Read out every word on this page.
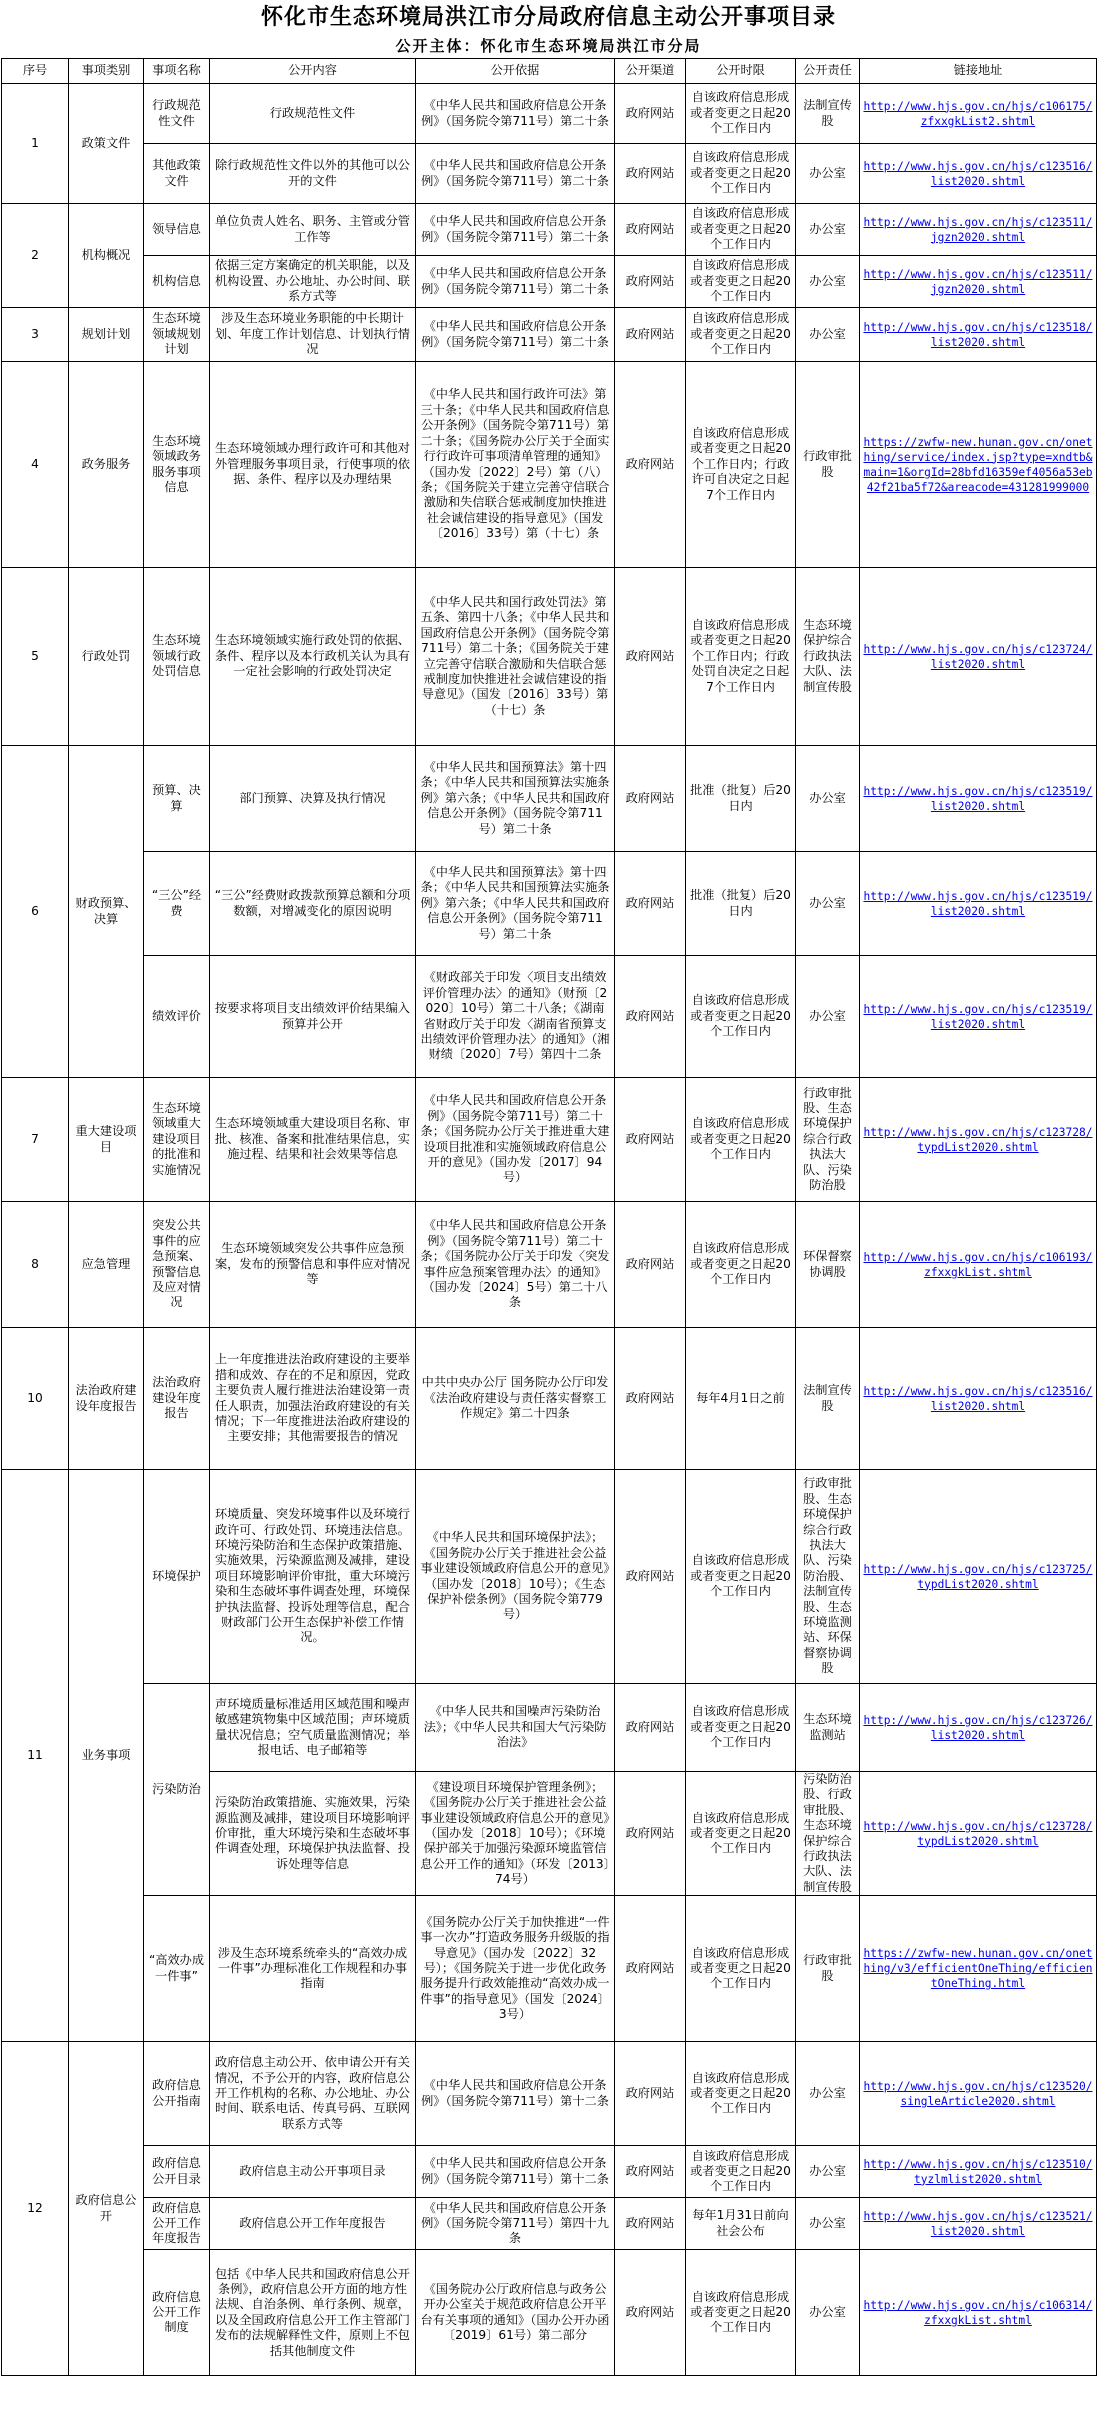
怀化市生态环境局洪江市分局政府信息主动公开事项目录
公开主体：怀化市生态环境局洪江市分局
序号	事项类别	事项名称	公开内容	公开依据	公开渠道	公开时限	公开责任	链接地址
1	政策文件	行政规范性文件	行政规范性文件	《中华人民共和国政府信息公开条例》（国务院令第711号）第二十条	政府网站	自该政府信息形成或者变更之日起20个工作日内	法制宣传股	http://www.hjs.gov.cn/hjs/c106175/zfxxgkList2.shtml
		其他政策文件	除行政规范性文件以外的其他可以公开的文件	《中华人民共和国政府信息公开条例》（国务院令第711号）第二十条	政府网站	自该政府信息形成或者变更之日起20个工作日内	办公室	http://www.hjs.gov.cn/hjs/c123516/list2020.shtml
2	机构概况	领导信息	单位负责人姓名、职务、主管或分管工作等	《中华人民共和国政府信息公开条例》（国务院令第711号）第二十条	政府网站	自该政府信息形成或者变更之日起20个工作日内	办公室	http://www.hjs.gov.cn/hjs/c123511/jgzn2020.shtml
		机构信息	依据三定方案确定的机关职能，以及机构设置、办公地址、办公时间、联系方式等	《中华人民共和国政府信息公开条例》（国务院令第711号）第二十条	政府网站	自该政府信息形成或者变更之日起20个工作日内	办公室	http://www.hjs.gov.cn/hjs/c123511/jgzn2020.shtml
3	规划计划	生态环境领域规划计划	涉及生态环境业务职能的中长期计划、年度工作计划信息、计划执行情况	《中华人民共和国政府信息公开条例》（国务院令第711号）第二十条	政府网站	自该政府信息形成或者变更之日起20个工作日内	办公室	http://www.hjs.gov.cn/hjs/c123518/list2020.shtml
4	政务服务	生态环境领域政务服务事项信息	生态环境领域办理行政许可和其他对外管理服务事项目录，行使事项的依据、条件、程序以及办理结果	《中华人民共和国行政许可法》第三十条；《中华人民共和国政府信息公开条例》（国务院令第711号）第二十条；《国务院办公厅关于全面实行行政许可事项清单管理的通知》（国办发〔2022〕2号）第（八）条；《国务院关于建立完善守信联合激励和失信联合惩戒制度加快推进社会诚信建设的指导意见》（国发〔2016〕33号）第（十七）条	政府网站	自该政府信息形成或者变更之日起20个工作日内；行政许可自决定之日起7个工作日内	行政审批股	https://zwfw-new.hunan.gov.cn/onething/service/index.jsp?type=xndtb&main=1&orgId=28bfd16359ef4056a53eb42f21ba5f72&areacode=431281999000
5	行政处罚	生态环境领域行政处罚信息	生态环境领域实施行政处罚的依据、条件、程序以及本行政机关认为具有一定社会影响的行政处罚决定	《中华人民共和国行政处罚法》第五条、第四十八条；《中华人民共和国政府信息公开条例》（国务院令第711号）第二十条；《国务院关于建立完善守信联合激励和失信联合惩戒制度加快推进社会诚信建设的指导意见》（国发〔2016〕33号）第（十七）条	政府网站	自该政府信息形成或者变更之日起20个工作日内；行政处罚自决定之日起7个工作日内	生态环境保护综合行政执法大队、法制宣传股	http://www.hjs.gov.cn/hjs/c123724/list2020.shtml
6	财政预算、决算	预算、决算	部门预算、决算及执行情况	《中华人民共和国预算法》第十四条；《中华人民共和国预算法实施条例》第六条；《中华人民共和国政府信息公开条例》（国务院令第711号）第二十条	政府网站	批准（批复）后20日内	办公室	http://www.hjs.gov.cn/hjs/c123519/list2020.shtml
		“三公”经费	“三公”经费财政拨款预算总额和分项数额，对增减变化的原因说明	《中华人民共和国预算法》第十四条；《中华人民共和国预算法实施条例》第六条；《中华人民共和国政府信息公开条例》（国务院令第711号）第二十条	政府网站	批准（批复）后20日内	办公室	http://www.hjs.gov.cn/hjs/c123519/list2020.shtml
		绩效评价	按要求将项目支出绩效评价结果编入预算并公开	《财政部关于印发〈项目支出绩效评价管理办法〉的通知》（财预〔2020〕10号）第二十八条；《湖南省财政厅关于印发〈湖南省预算支出绩效评价管理办法〉的通知》（湘财绩〔2020〕7号）第四十二条	政府网站	自该政府信息形成或者变更之日起20个工作日内	办公室	http://www.hjs.gov.cn/hjs/c123519/list2020.shtml
7	重大建设项目	生态环境领域重大建设项目的批准和实施情况	生态环境领域重大建设项目名称、审批、核准、备案和批准结果信息，实施过程、结果和社会效果等信息	《中华人民共和国政府信息公开条例》（国务院令第711号）第二十条；《国务院办公厅关于推进重大建设项目批准和实施领域政府信息公开的意见》（国办发〔2017〕94号）	政府网站	自该政府信息形成或者变更之日起20个工作日内	行政审批股、生态环境保护综合行政执法大队、污染防治股	http://www.hjs.gov.cn/hjs/c123728/typdList2020.shtml
8	应急管理	突发公共事件的应急预案、预警信息及应对情况	生态环境领域突发公共事件应急预案，发布的预警信息和事件应对情况等	《中华人民共和国政府信息公开条例》（国务院令第711号）第二十条；《国务院办公厅关于印发〈突发事件应急预案管理办法〉的通知》（国办发〔2024〕5号）第二十八条	政府网站	自该政府信息形成或者变更之日起20个工作日内	环保督察协调股	http://www.hjs.gov.cn/hjs/c106193/zfxxgkList.shtml
10	法治政府建设年度报告	法治政府建设年度报告	上一年度推进法治政府建设的主要举措和成效、存在的不足和原因，党政主要负责人履行推进法治建设第一责任人职责，加强法治政府建设的有关情况；下一年度推进法治政府建设的主要安排；其他需要报告的情况	中共中央办公厅 国务院办公厅印发《法治政府建设与责任落实督察工作规定》第二十四条	政府网站	每年4月1日之前	法制宣传股	http://www.hjs.gov.cn/hjs/c123516/list2020.shtml
11	业务事项	环境保护	环境质量、突发环境事件以及环境行政许可、行政处罚、环境违法信息。环境污染防治和生态保护政策措施、实施效果，污染源监测及减排，建设项目环境影响评价审批，重大环境污染和生态破坏事件调查处理，环境保护执法监督、投诉处理等信息，配合财政部门公开生态保护补偿工作情况。	《中华人民共和国环境保护法》；《国务院办公厅关于推进社会公益事业建设领域政府信息公开的意见》（国办发〔2018〕10号）；《生态保护补偿条例》（国务院令第779号）	政府网站	自该政府信息形成或者变更之日起20个工作日内	行政审批股、生态环境保护综合行政执法大队、污染防治股、法制宣传股、生态环境监测站、环保督察协调股	http://www.hjs.gov.cn/hjs/c123725/typdList2020.shtml
		污染防治	声环境质量标准适用区域范围和噪声敏感建筑物集中区域范围；声环境质量状况信息；空气质量监测情况；举报电话、电子邮箱等	《中华人民共和国噪声污染防治法》；《中华人民共和国大气污染防治法》	政府网站	自该政府信息形成或者变更之日起20个工作日内	生态环境监测站	http://www.hjs.gov.cn/hjs/c123726/list2020.shtml
			污染防治政策措施、实施效果，污染源监测及减排，建设项目环境影响评价审批，重大环境污染和生态破坏事件调查处理，环境保护执法监督、投诉处理等信息	《建设项目环境保护管理条例》；《国务院办公厅关于推进社会公益事业建设领域政府信息公开的意见》（国办发〔2018〕10号）；《环境保护部关于加强污染源环境监管信息公开工作的通知》（环发〔2013〕74号）	政府网站	自该政府信息形成或者变更之日起20个工作日内	污染防治股、行政审批股、生态环境保护综合行政执法大队、法制宣传股	http://www.hjs.gov.cn/hjs/c123728/typdList2020.shtml
		“高效办成一件事”	涉及生态环境系统牵头的“高效办成一件事”办理标准化工作规程和办事指南	《国务院办公厅关于加快推进“一件事一次办”打造政务服务升级版的指导意见》（国办发〔2022〕32号）；《国务院关于进一步优化政务服务提升行政效能推动“高效办成一件事”的指导意见》（国发〔2024〕3号）	政府网站	自该政府信息形成或者变更之日起20个工作日内	行政审批股	https://zwfw-new.hunan.gov.cn/onething/v3/efficientOneThing/efficientOneThing.html
12	政府信息公开	政府信息公开指南	政府信息主动公开、依申请公开有关情况，不予公开的内容，政府信息公开工作机构的名称、办公地址、办公时间、联系电话、传真号码、互联网联系方式等	《中华人民共和国政府信息公开条例》（国务院令第711号）第十二条	政府网站	自该政府信息形成或者变更之日起20个工作日内	办公室	http://www.hjs.gov.cn/hjs/c123520/singleArticle2020.shtml
		政府信息公开目录	政府信息主动公开事项目录	《中华人民共和国政府信息公开条例》（国务院令第711号）第十二条	政府网站	自该政府信息形成或者变更之日起20个工作日内	办公室	http://www.hjs.gov.cn/hjs/c123510/tyzlmlist2020.shtml
		政府信息公开工作年度报告	政府信息公开工作年度报告	《中华人民共和国政府信息公开条例》（国务院令第711号）第四十九条	政府网站	每年1月31日前向社会公布	办公室	http://www.hjs.gov.cn/hjs/c123521/list2020.shtml
		政府信息公开工作制度	包括《中华人民共和国政府信息公开条例》，政府信息公开方面的地方性法规、自治条例、单行条例、规章，以及全国政府信息公开工作主管部门发布的法规解释性文件，原则上不包括其他制度文件	《国务院办公厅政府信息与政务公开办公室关于规范政府信息公开平台有关事项的通知》（国办公开办函〔2019〕61号）第二部分	政府网站	自该政府信息形成或者变更之日起20个工作日内	办公室	http://www.hjs.gov.cn/hjs/c106314/zfxxgkList.shtml
